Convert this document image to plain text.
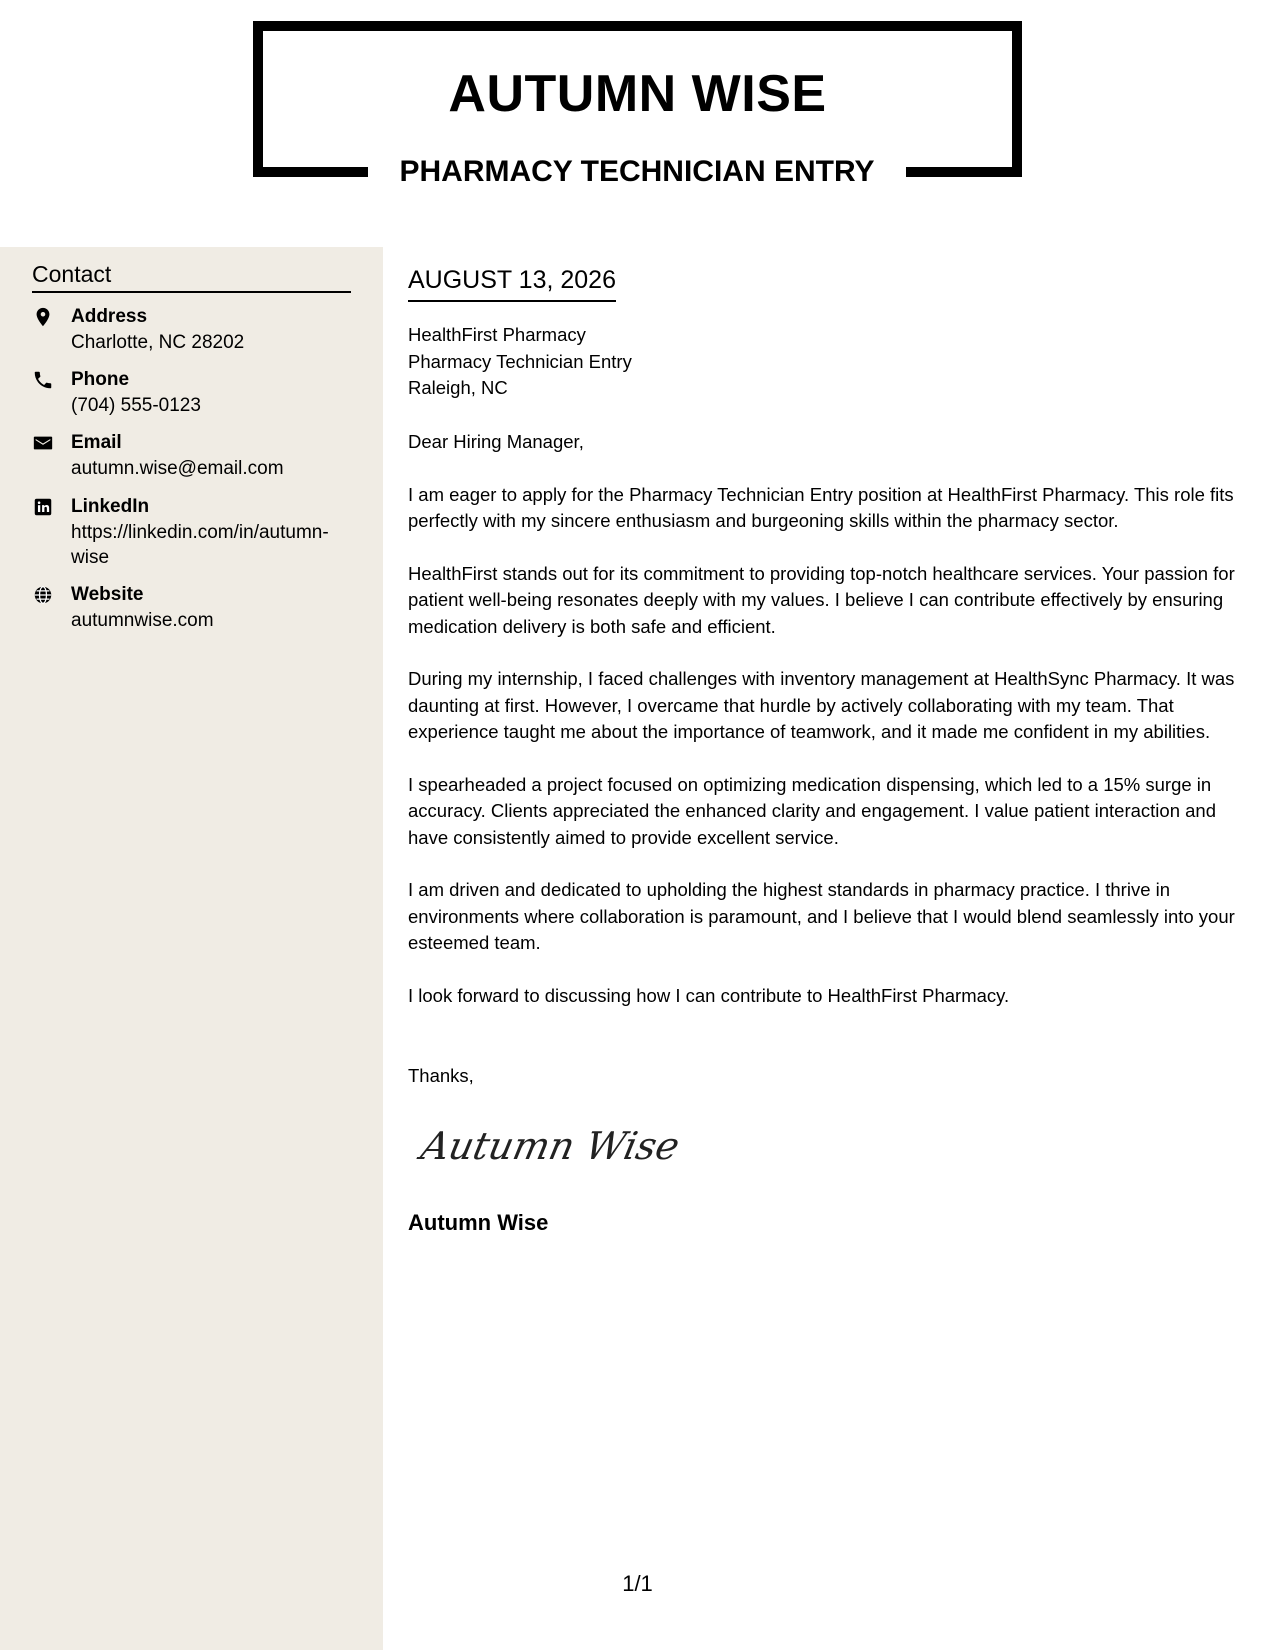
AUTUMN WISE
PHARMACY TECHNICIAN ENTRY
Contact
Address
Charlotte, NC 28202
Phone
(704) 555-0123
Email
autumn.wise@email.com
LinkedIn
https://linkedin.com/in/autumn-wise
Website
autumnwise.com
AUGUST 13, 2026
HealthFirst Pharmacy
Pharmacy Technician Entry
Raleigh, NC

Dear Hiring Manager,

I am eager to apply for the Pharmacy Technician Entry position at HealthFirst Pharmacy. This role fits perfectly with my sincere enthusiasm and burgeoning skills within the pharmacy sector.

HealthFirst stands out for its commitment to providing top-notch healthcare services. Your passion for patient well-being resonates deeply with my values. I believe I can contribute effectively by ensuring medication delivery is both safe and efficient.

During my internship, I faced challenges with inventory management at HealthSync Pharmacy. It was daunting at first. However, I overcame that hurdle by actively collaborating with my team. That experience taught me about the importance of teamwork, and it made me confident in my abilities.

I spearheaded a project focused on optimizing medication dispensing, which led to a 15% surge in accuracy. Clients appreciated the enhanced clarity and engagement. I value patient interaction and have consistently aimed to provide excellent service.

I am driven and dedicated to upholding the highest standards in pharmacy practice. I thrive in environments where collaboration is paramount, and I believe that I would blend seamlessly into your esteemed team.

I look forward to discussing how I can contribute to HealthFirst Pharmacy.

Thanks,
Autumn Wise
Autumn Wise
1/1
